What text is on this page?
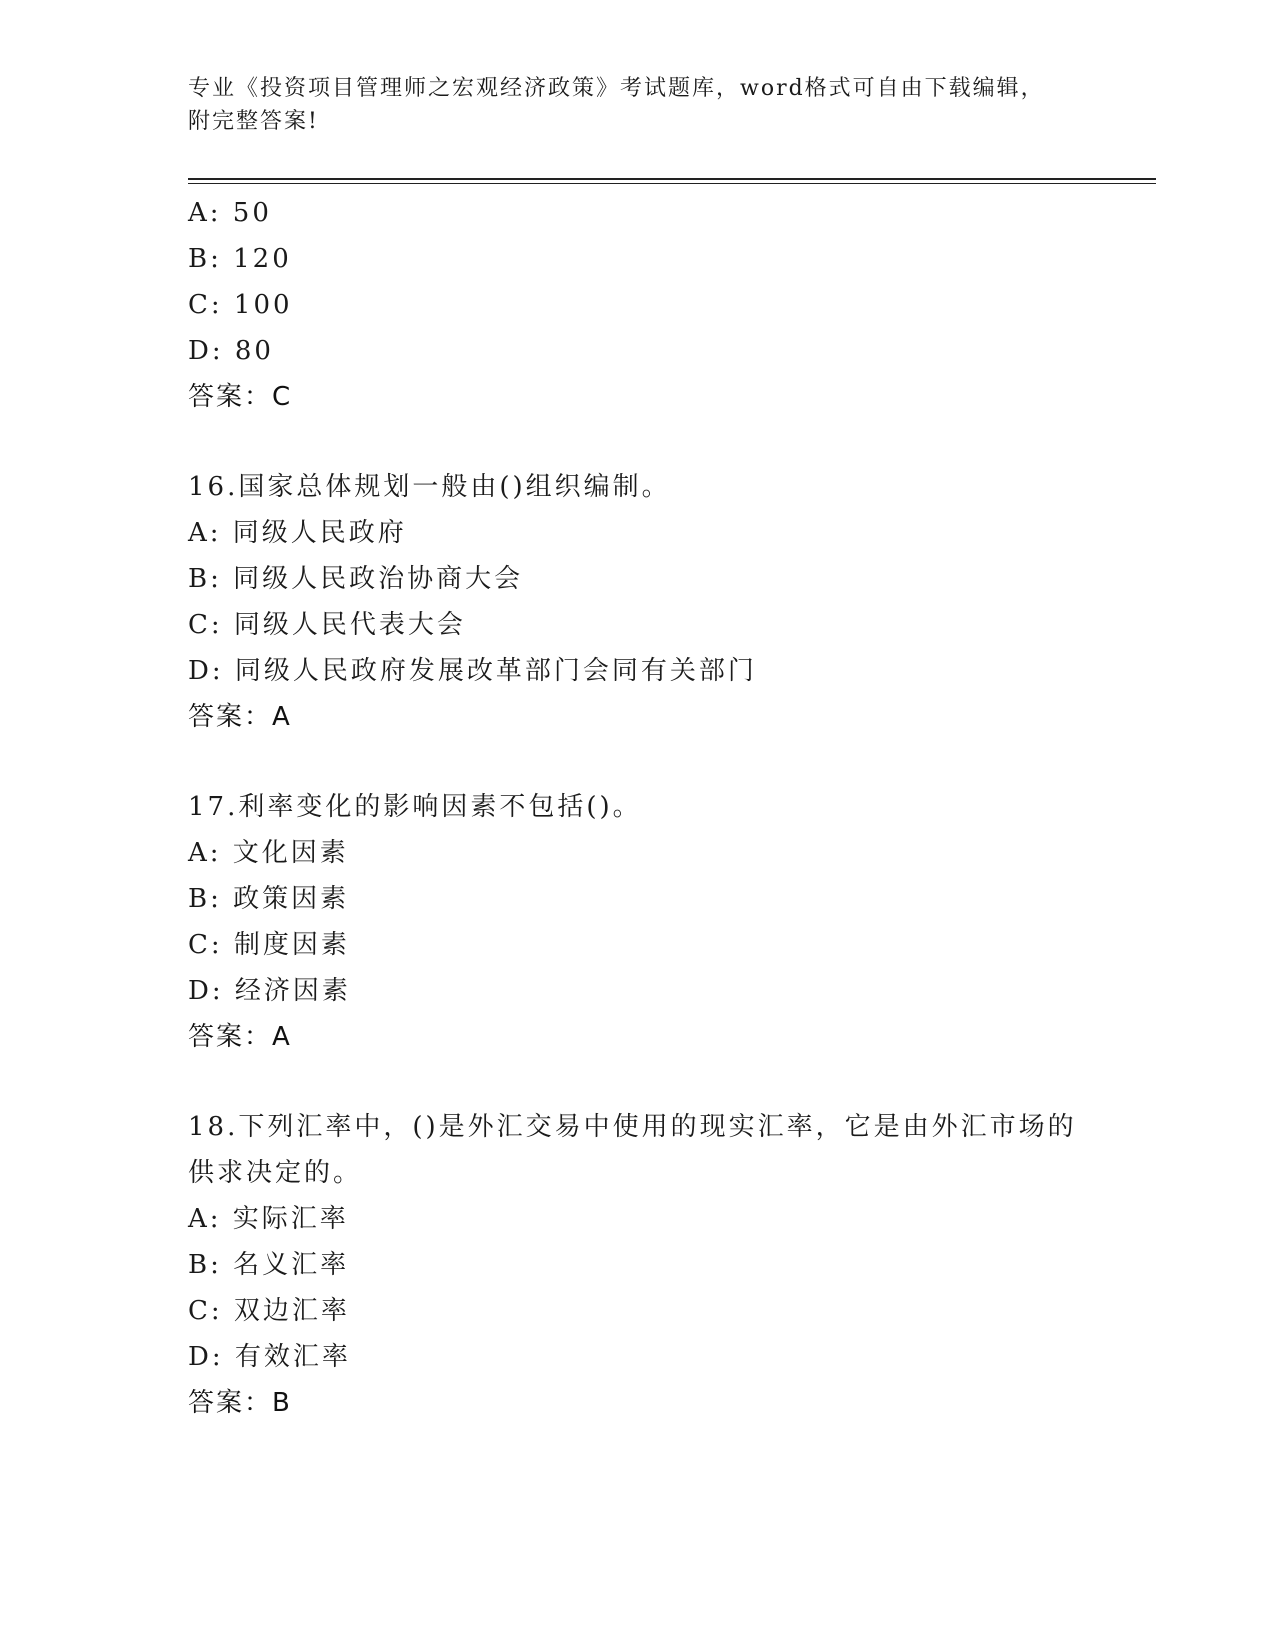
专业《投资项目管理师之宏观经济政策》考试题库，word格式可自由下载编辑，
附完整答案!
A: 50
B: 120
C: 100
D: 80
答案：C
16.国家总体规划一般由()组织编制。
A: 同级人民政府
B: 同级人民政治协商大会
C: 同级人民代表大会
D: 同级人民政府发展改革部门会同有关部门
答案：A
17.利率变化的影响因素不包括()。
A: 文化因素
B: 政策因素
C: 制度因素
D: 经济因素
答案：A
18.下列汇率中，()是外汇交易中使用的现实汇率，它是由外汇市场的
供求决定的。
A: 实际汇率
B: 名义汇率
C: 双边汇率
D: 有效汇率
答案：B
